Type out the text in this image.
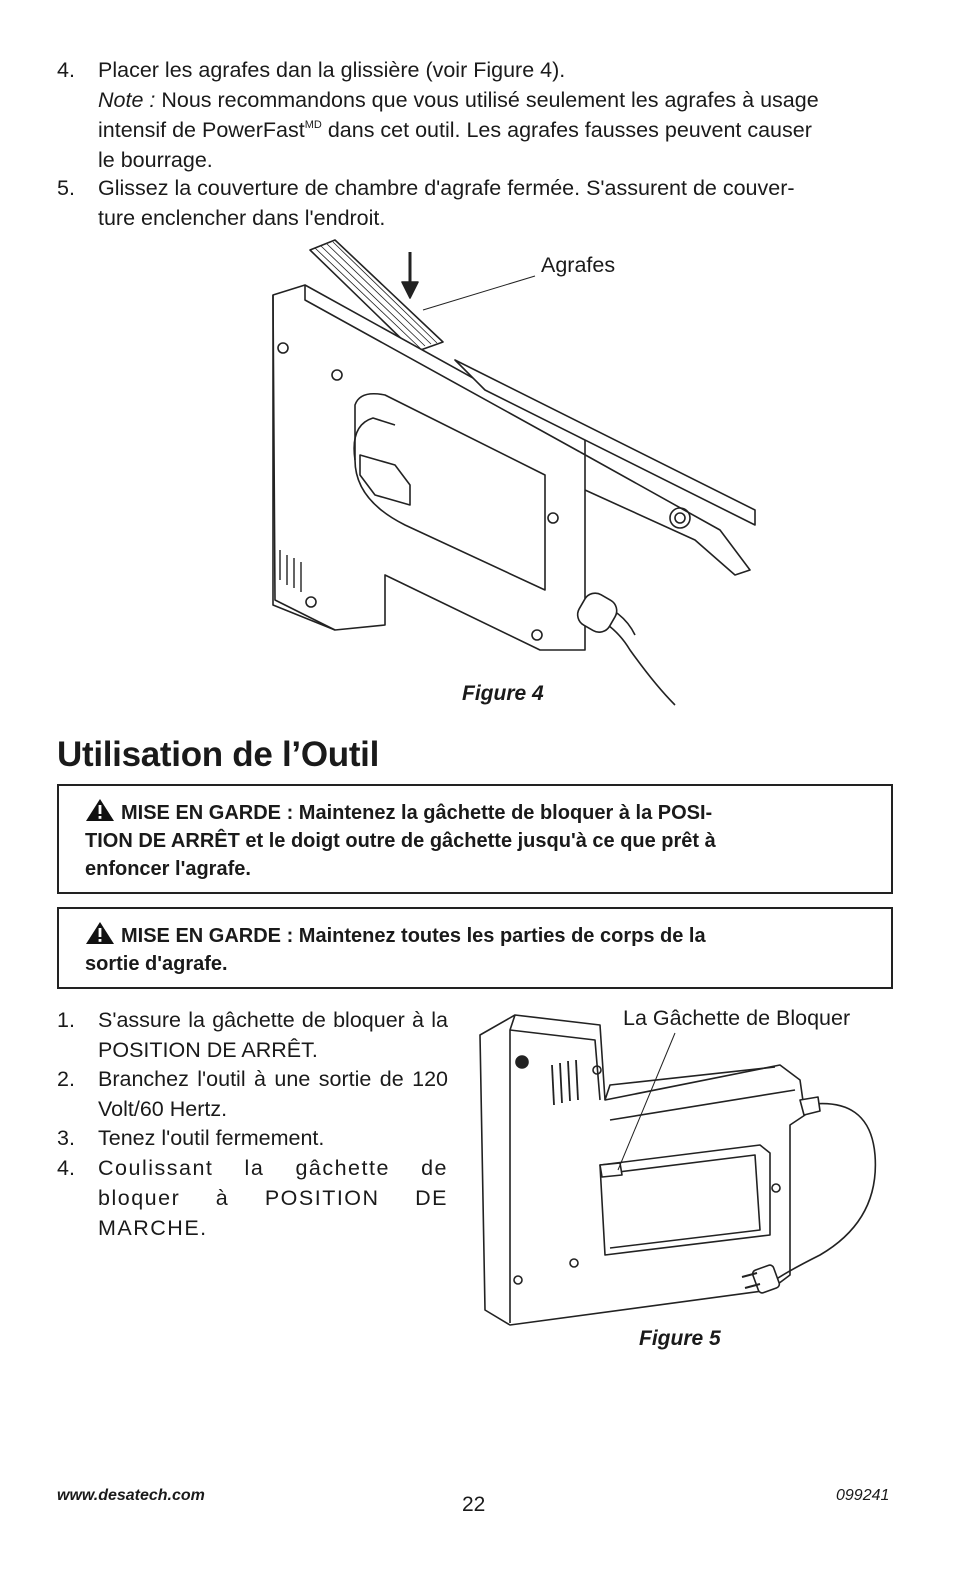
4.	Placer les agrafes dan la glissière (voir Figure 4).
Note : Nous recommandons que vous utilisé seulement les agrafes à usage
intensif de PowerFast$^{MD}$ dans cet outil. Les agrafes fausses peuvent causer
le bourrage.
5.	Glissez la couverture de chambre d'agrafe fermée. S'assurent de couver-
ture enclencher dans l'endroit.
Agrafes
Figure 4
Utilisation de l’Outil
MISE EN GARDE : Maintenez la gâchette de bloquer à la POSI-
TION DE ARRÊT et le doigt outre de gâchette jusqu'à ce que prêt à
enfoncer l'agrafe.
MISE EN GARDE : Maintenez toutes les parties de corps de la
sortie d'agrafe.
1.	S'assure la gâchette de bloquer à la POSITION DE ARRÊT.
2.	Branchez l'outil à une sortie de 120 Volt/60 Hertz.
3.	Tenez l'outil fermement.
4.	Coulissant la gâchette de bloquer à POSITION DE MARCHE.
La Gâchette de Bloquer
Figure 5
www.desatech.com	22	099241
